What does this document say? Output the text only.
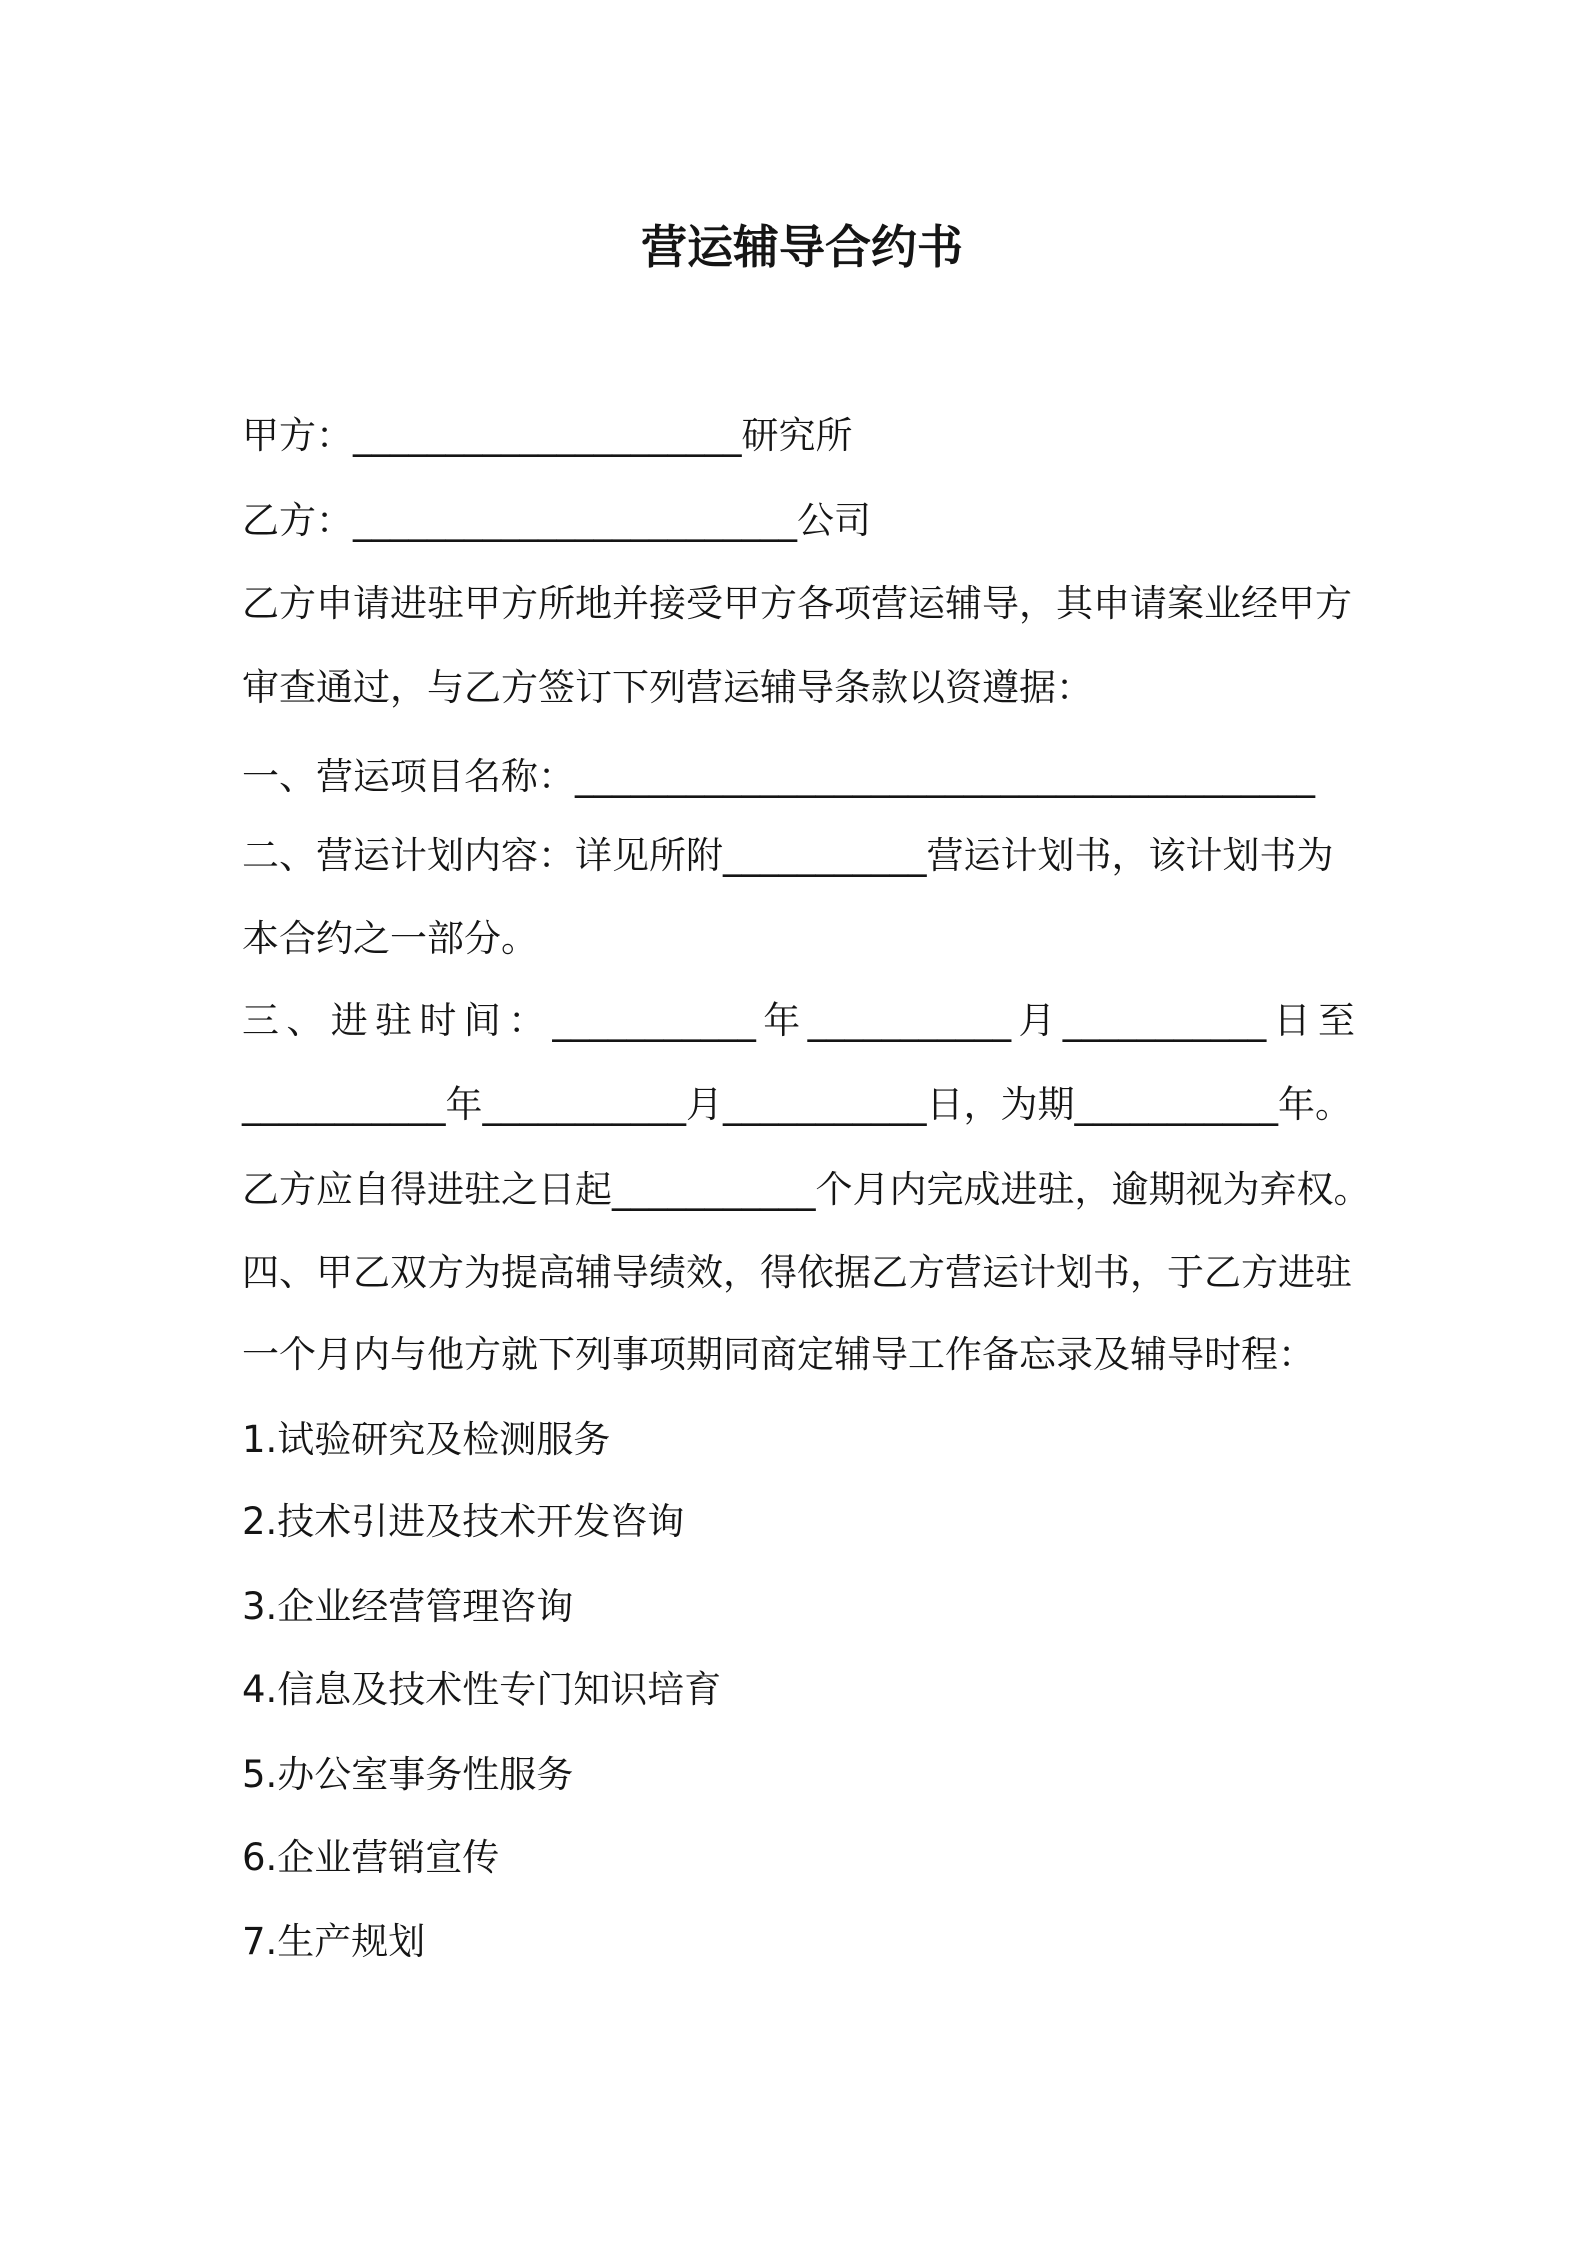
营运辅导合约书
甲方：_____________________研究所
乙方：________________________公司
乙方申请进驻甲方所地并接受甲方各项营运辅导，其申请案业经甲方
审查通过，与乙方签订下列营运辅导条款以资遵据：
一、营运项目名称：________________________________________
二、营运计划内容：详见所附___________营运计划书，该计划书为
本合约之一部分。
三、进驻时间：___________年___________月___________日至
___________年___________月___________日，为期___________年。
乙方应自得进驻之日起___________个月内完成进驻，逾期视为弃权。
四、甲乙双方为提高辅导绩效，得依据乙方营运计划书，于乙方进驻
一个月内与他方就下列事项期同商定辅导工作备忘录及辅导时程：
1.试验研究及检测服务
2.技术引进及技术开发咨询
3.企业经营管理咨询
4.信息及技术性专门知识培育
5.办公室事务性服务
6.企业营销宣传
7.生产规划
